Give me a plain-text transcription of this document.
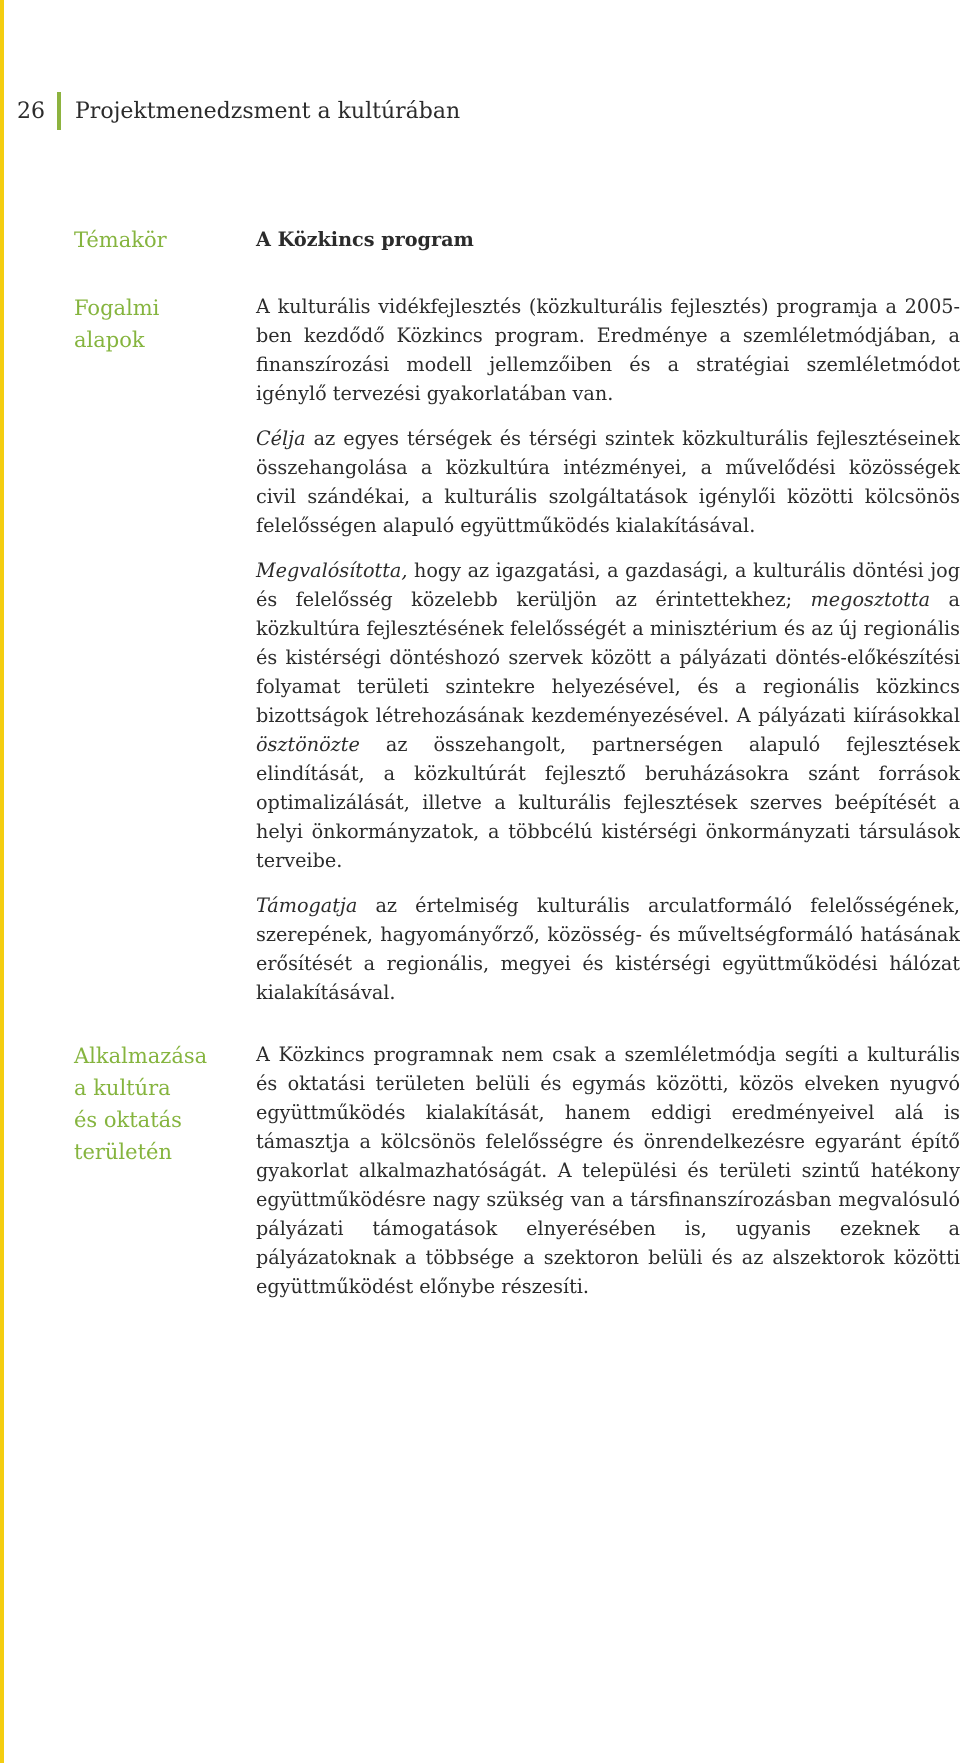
26 Projektmenedzsment a kultúrában
Témakör	A Közkincs program
Fogalmi
alapok

A kulturális vidékfejlesztés (közkulturális fejlesztés) programja a 2005-ben kezdődő Közkincs program. Eredménye a szemléletmódjában, a finanszírozási modell jellemzőiben és a stratégiai szemléletmódot igénylő tervezési gyakorlatában van.

Célja az egyes térségek és térségi szintek közkulturális fejlesztéseinek összehangolása a közkultúra intézményei, a művelődési közösségek civil szándékai, a kulturális szolgáltatások igénylői közötti kölcsönös felelősségen alapuló együttműködés kialakításával.

Megvalósította, hogy az igazgatási, a gazdasági, a kulturális döntési jog és felelősség közelebb kerüljön az érintettekhez; megosztotta a közkultúra fejlesztésének felelősségét a minisztérium és az új regionális és kistérségi döntéshozó szervek között a pályázati döntés-előkészítési folyamat területi szintekre helyezésével, és a regionális közkincs bizottságok létrehozásának kezdeményezésével. A pályázati kiírásokkal ösztönözte az összehangolt, partnerségen alapuló fejlesztések elindítását, a közkultúrát fejlesztő beruházásokra szánt források optimalizálását, illetve a kulturális fejlesztések szerves beépítését a helyi önkormányzatok, a többcélú kistérségi önkormányzati társulások terveibe.

Támogatja az értelmiség kulturális arculatformáló felelősségének, szerepének, hagyományőrző, közösség- és műveltségformáló hatásának erősítését a regionális, megyei és kistérségi együttműködési hálózat kialakításával.

Alkalmazása
a kultúra
és oktatás
területén

A Közkincs programnak nem csak a szemléletmódja segíti a kulturális és oktatási területen belüli és egymás közötti, közös elveken nyugvó együttműködés kialakítását, hanem eddigi eredményeivel alá is támasztja a kölcsönös felelősségre és önrendelkezésre egyaránt építő gyakorlat alkalmazhatóságát. A települési és területi szintű hatékony együttműködésre nagy szükség van a társfinanszírozásban megvalósuló pályázati támogatások elnyerésében is, ugyanis ezeknek a pályázatoknak a többsége a szektoron belüli és az alszektorok közötti együttműködést előnybe részesíti.
